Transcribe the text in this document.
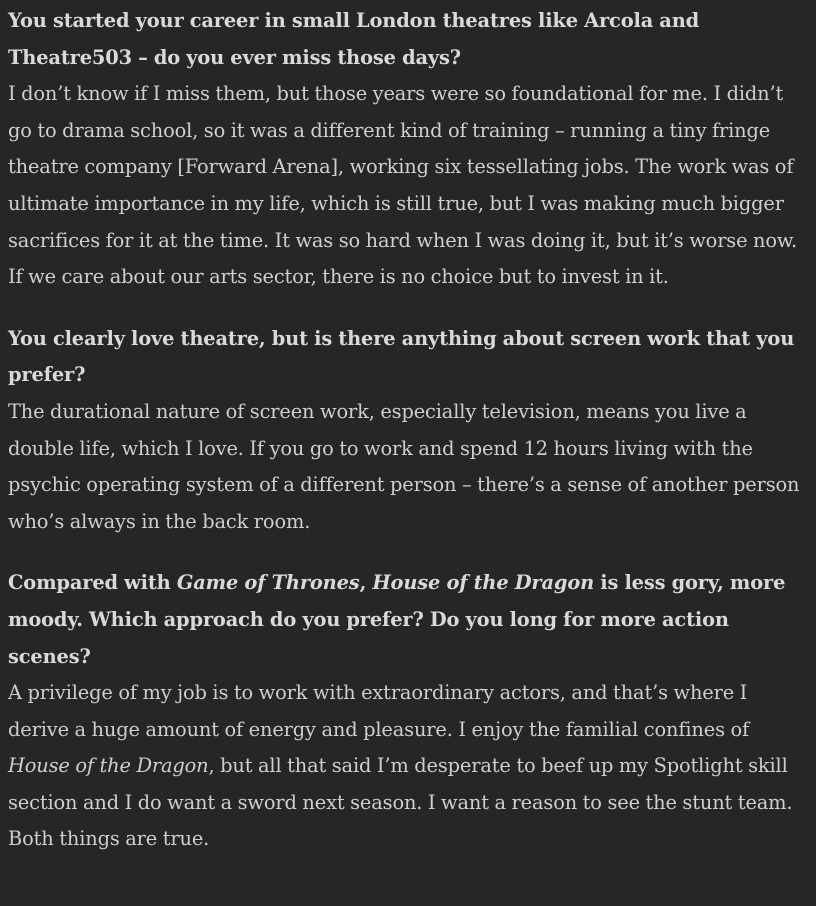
You started your career in small London theatres like Arcola and Theatre503 – do you ever miss those days?

I don’t know if I miss them, but those years were so foundational for me. I didn’t go to drama school, so it was a different kind of training – running a tiny fringe theatre company [Forward Arena], working six tessellating jobs. The work was of ultimate importance in my life, which is still true, but I was making much bigger sacrifices for it at the time. It was so hard when I was doing it, but it’s worse now. If we care about our arts sector, there is no choice but to invest in it.

You clearly love theatre, but is there anything about screen work that you prefer?

The durational nature of screen work, especially television, means you live a double life, which I love. If you go to work and spend 12 hours living with the psychic operating system of a different person – there’s a sense of another person who’s always in the back room.

Compared with Game of Thrones, House of the Dragon is less gory, more moody. Which approach do you prefer? Do you long for more action scenes?

A privilege of my job is to work with extraordinary actors, and that’s where I derive a huge amount of energy and pleasure. I enjoy the familial confines of House of the Dragon, but all that said I’m desperate to beef up my Spotlight skill section and I do want a sword next season. I want a reason to see the stunt team. Both things are true.
